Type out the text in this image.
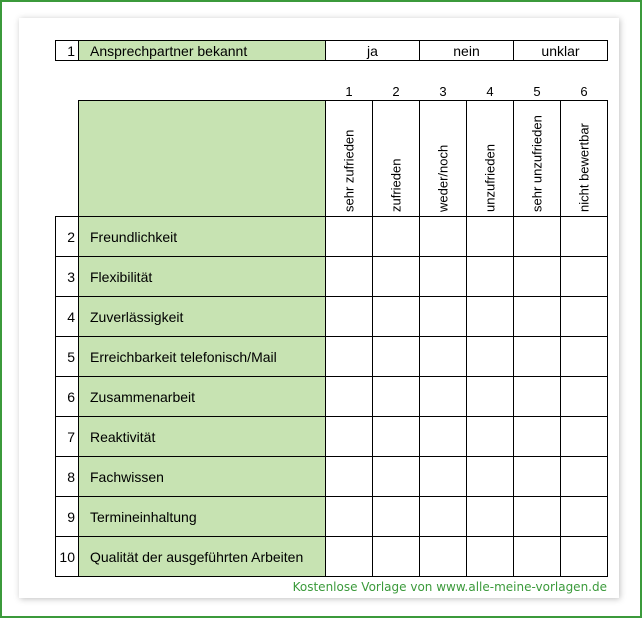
1	Ansprechpartner bekannt	ja	nein	unklar
Kostenlose Vorlage von www.alle-meine-vorlagen.de
1	2	3	4	5	6
sehr zufrieden	zufrieden	weder/noch	unzufrieden	sehr unzufrieden	nicht bewertbar
2	Freundlichkeit
3	Flexibilität
4	Zuverlässigkeit
5	Erreichbarkeit telefonisch/Mail
6	Zusammenarbeit
7	Reaktivität
8	Fachwissen
9	Termineinhaltung
10	Qualität der ausgeführten Arbeiten
